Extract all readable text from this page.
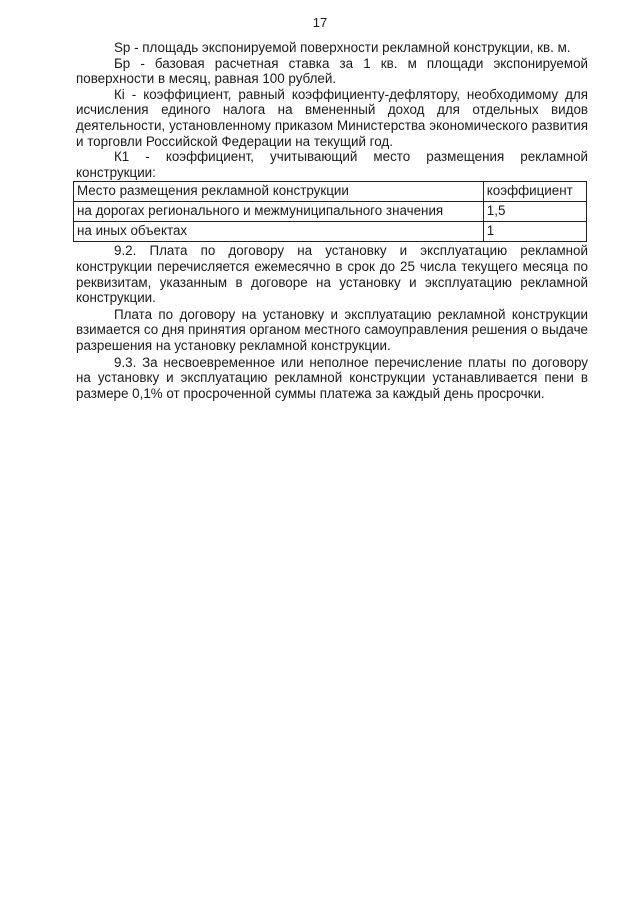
17

Sp - площадь экспонируемой поверхности рекламной конструкции, кв. м.

Бр - базовая расчетная ставка за 1 кв. м площади экспонируемой поверхности в месяц, равная 100 рублей.

Кi - коэффициент, равный коэффициенту-дефлятору, необходимому для исчисления единого налога на вмененный доход для отдельных видов деятельности, установленному приказом Министерства экономического развития и торговли Российской Федерации на текущий год.

К1 - коэффициент, учитывающий место размещения рекламной конструкции:

Место размещения рекламной конструкции	коэффициент
на дорогах регионального и межмуниципального значения	1,5
на иных объектах	1

9.2. Плата по договору на установку и эксплуатацию рекламной конструкции перечисляется ежемесячно в срок до 25 числа текущего месяца по реквизитам, указанным в договоре на установку и эксплуатацию рекламной конструкции.

Плата по договору на установку и эксплуатацию рекламной конструкции взимается со дня принятия органом местного самоуправления решения о выдаче разрешения на установку рекламной конструкции.

9.3. За несвоевременное или неполное перечисление платы по договору на установку и эксплуатацию рекламной конструкции устанавливается пени в размере 0,1% от просроченной суммы платежа за каждый день просрочки.
